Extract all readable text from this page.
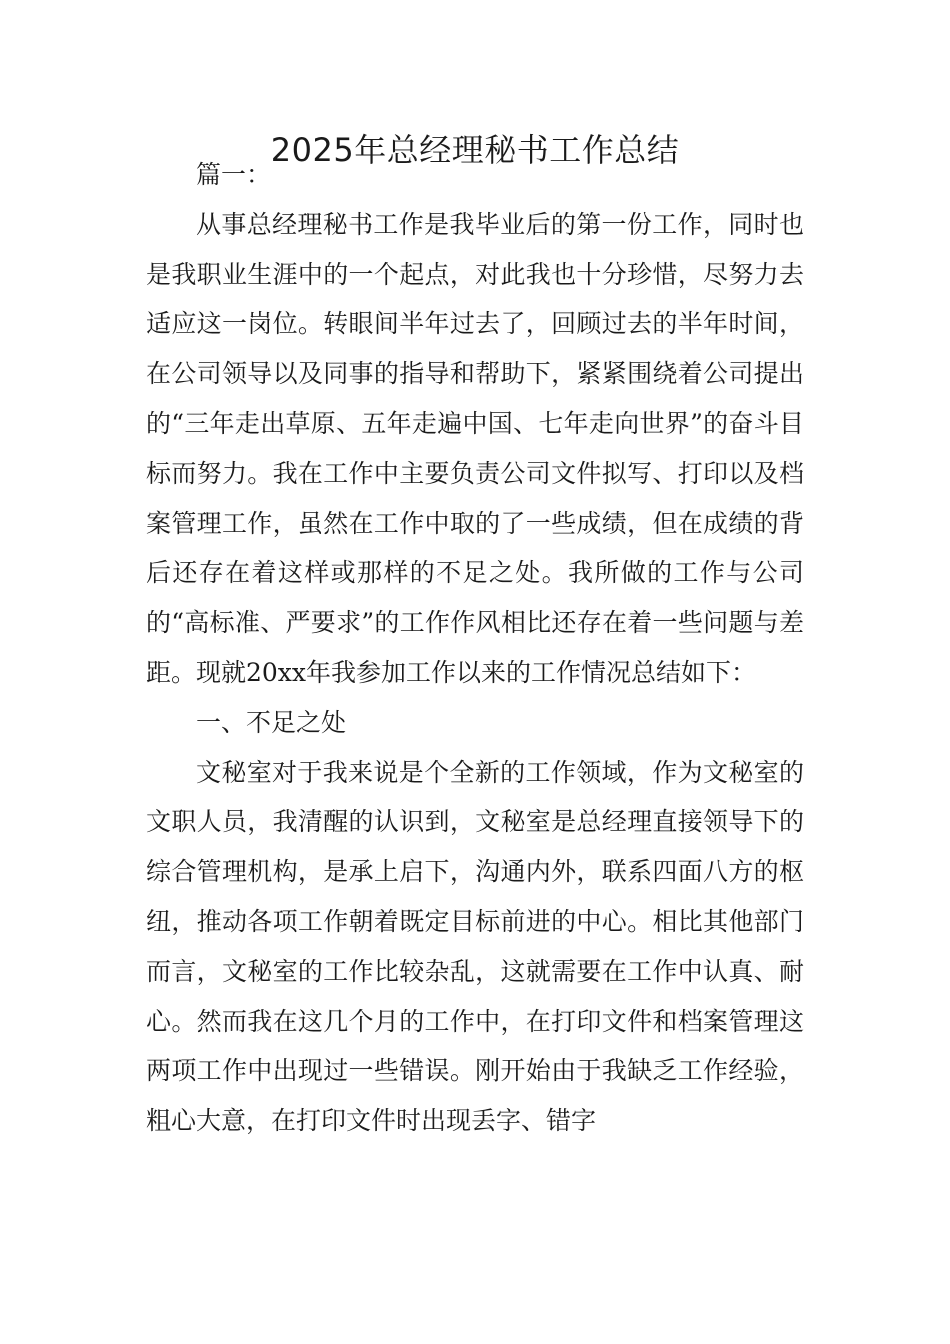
2025年总经理秘书工作总结

篇一：

从事总经理秘书工作是我毕业后的第一份工作，同时也是我职业生涯中的一个起点，对此我也十分珍惜，尽努力去适应这一岗位。转眼间半年过去了，回顾过去的半年时间，在公司领导以及同事的指导和帮助下，紧紧围绕着公司提出的“三年走出草原、五年走遍中国、七年走向世界”的奋斗目标而努力。我在工作中主要负责公司文件拟写、打印以及档案管理工作，虽然在工作中取的了一些成绩，但在成绩的背后还存在着这样或那样的不足之处。我所做的工作与公司的“高标准、严要求”的工作作风相比还存在着一些问题与差距。现就20xx年我参加工作以来的工作情况总结如下：

一、不足之处

文秘室对于我来说是个全新的工作领域，作为文秘室的文职人员，我清醒的认识到，文秘室是总经理直接领导下的综合管理机构，是承上启下，沟通内外，联系四面八方的枢纽，推动各项工作朝着既定目标前进的中心。相比其他部门而言，文秘室的工作比较杂乱，这就需要在工作中认真、耐心。然而我在这几个月的工作中，在打印文件和档案管理这两项工作中出现过一些错误。刚开始由于我缺乏工作经验，粗心大意，在打印文件时出现丢字、错字
